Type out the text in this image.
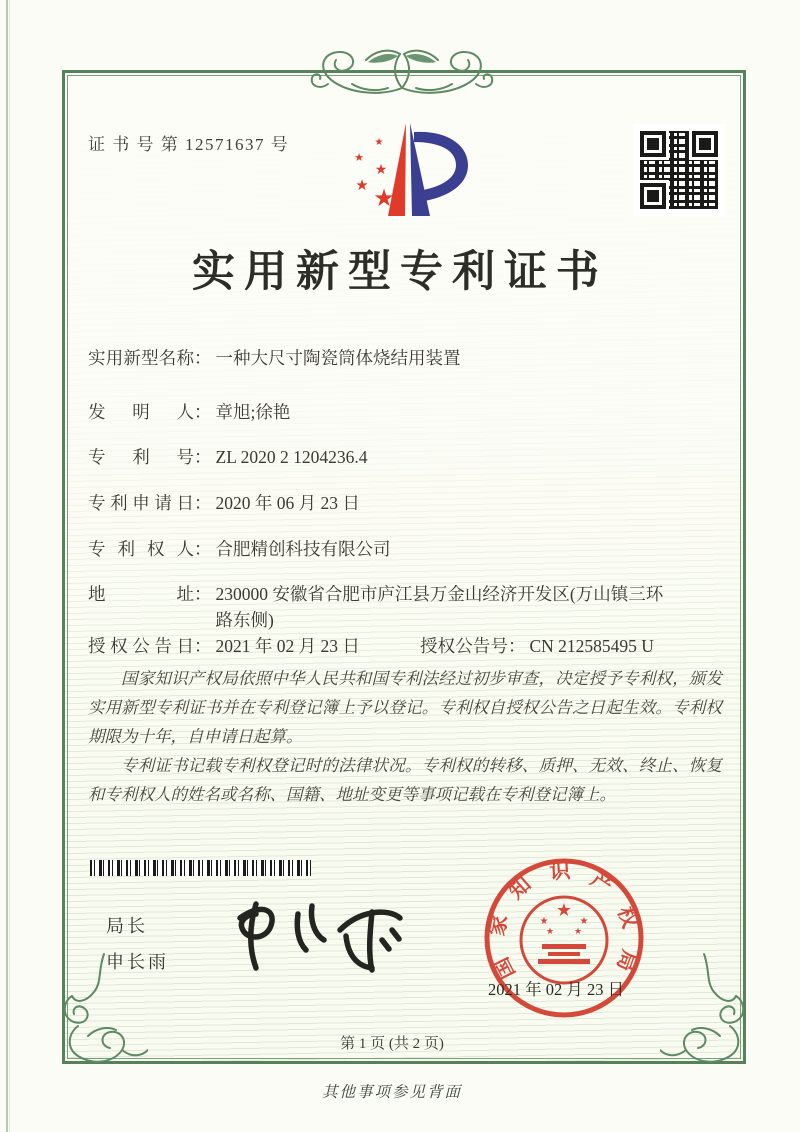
证 书 号 第 12571637 号
★
★
★
★
★
实用新型专利证书
实用新型名称： 一种大尺寸陶瓷筒体烧结用装置
发明人： 章旭;徐艳
专利号： ZL 2020 2 1204236.4
专利申请日： 2020 年 06 月 23 日
专利权人： 合肥精创科技有限公司
地址： 230000 安徽省合肥市庐江县万金山经济开发区(万山镇三环路东侧)
授权公告日： 2021 年 02 月 23 日	授权公告号： CN 212585495 U

国家知识产权局依照中华人民共和国专利法经过初步审查，决定授予专利权，颁发实用新型专利证书并在专利登记簿上予以登记。专利权自授权公告之日起生效。专利权期限为十年，自申请日起算。

专利证书记载专利权登记时的法律状况。专利权的转移、质押、无效、终止、恢复和专利权人的姓名或名称、国籍、地址变更等事项记载在专利登记簿上。

局长
申长雨	国家知识产权局
★
★	★
★ ★
2021 年 02 月 23 日
第 1 页 (共 2 页)
其他事项参见背面
